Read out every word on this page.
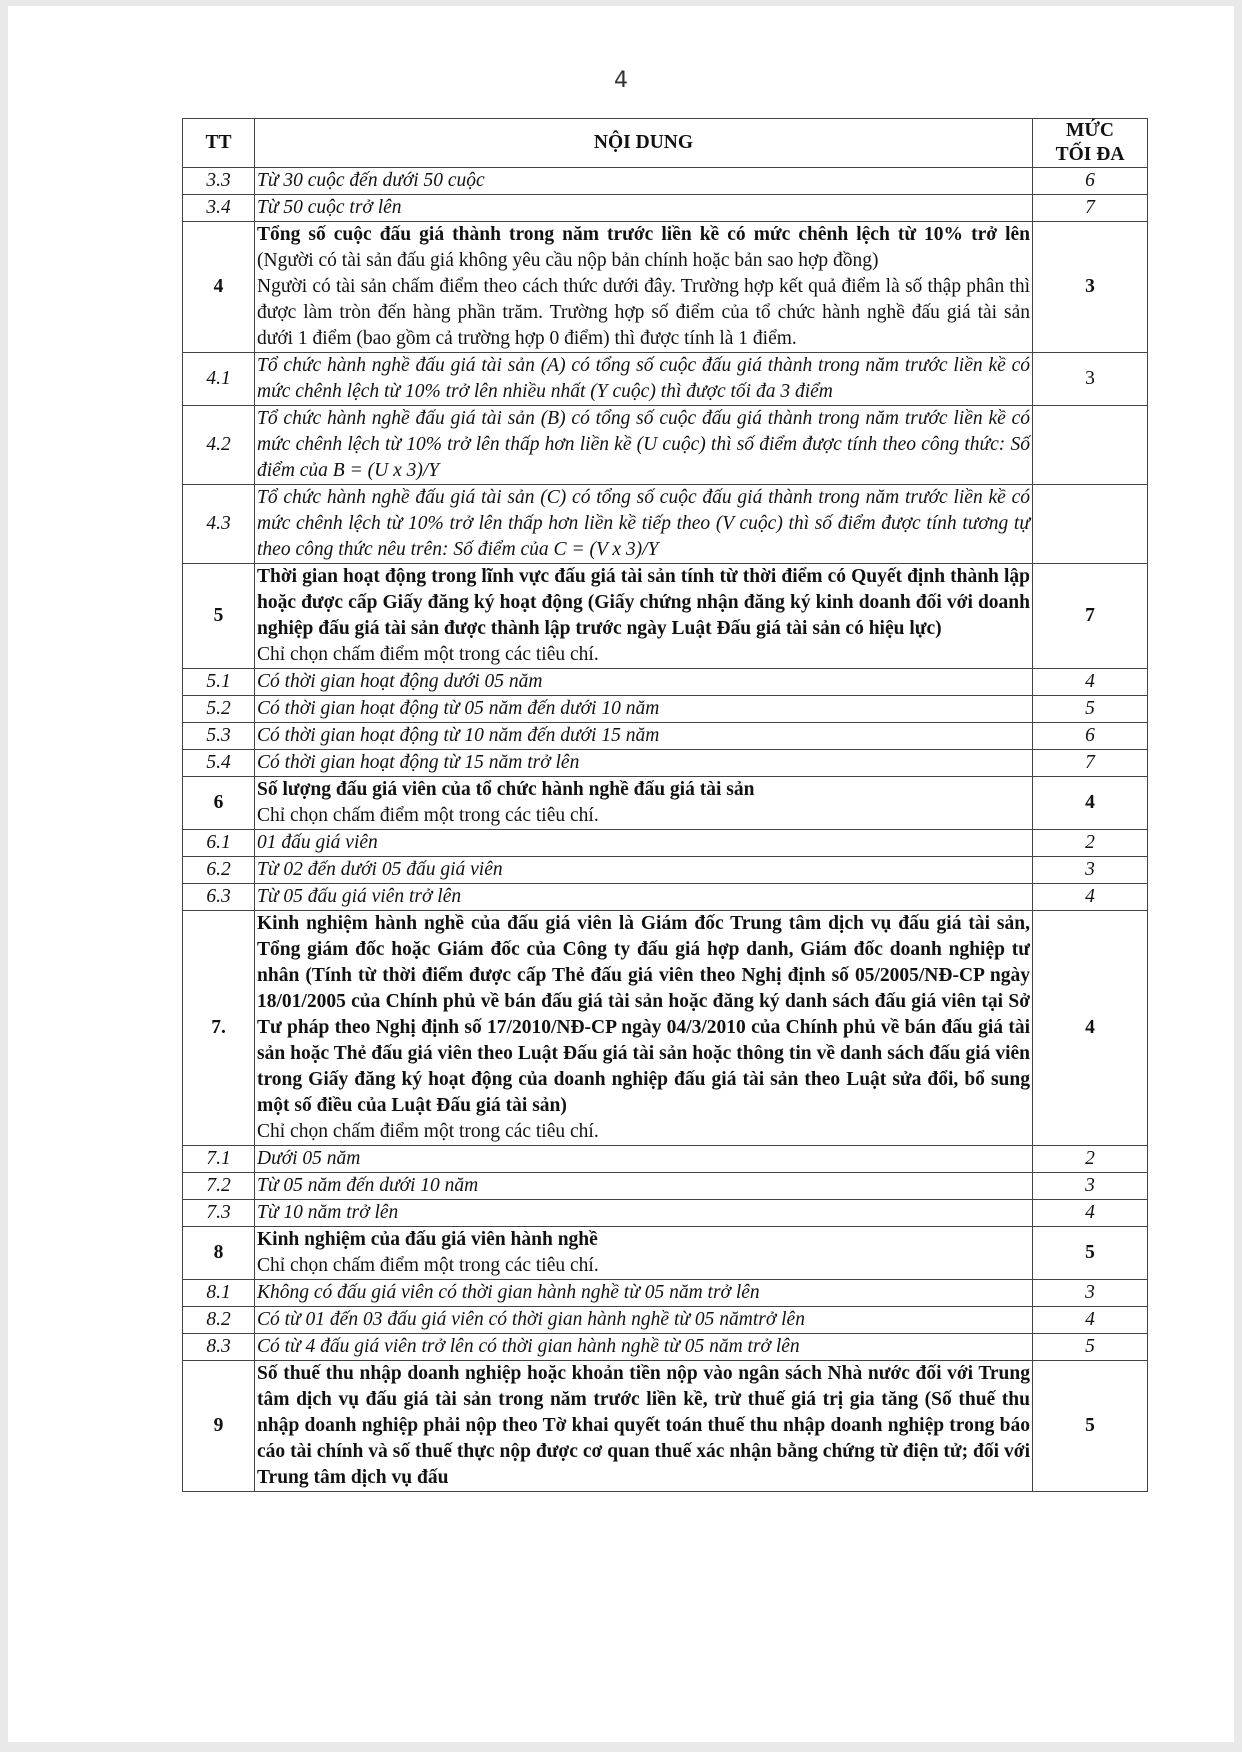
4
TT	NỘI DUNG	MỨC TỐI ĐA
3.3	Từ 30 cuộc đến dưới 50 cuộc	6
3.4	Từ 50 cuộc trở lên	7
4	Tổng số cuộc đấu giá thành trong năm trước liền kề có mức chênh lệch từ 10% trở lên (Người có tài sản đấu giá không yêu cầu nộp bản chính hoặc bản sao hợp đồng)
Người có tài sản chấm điểm theo cách thức dưới đây. Trường hợp kết quả điểm là số thập phân thì được làm tròn đến hàng phần trăm. Trường hợp số điểm của tổ chức hành nghề đấu giá tài sản dưới 1 điểm (bao gồm cả trường hợp 0 điểm) thì được tính là 1 điểm.	3
4.1	Tổ chức hành nghề đấu giá tài sản (A) có tổng số cuộc đấu giá thành trong năm trước liền kề có mức chênh lệch từ 10% trở lên nhiều nhất (Y cuộc) thì được tối đa 3 điểm	3
4.2	Tổ chức hành nghề đấu giá tài sản (B) có tổng số cuộc đấu giá thành trong năm trước liền kề có mức chênh lệch từ 10% trở lên thấp hơn liền kề (U cuộc) thì số điểm được tính theo công thức: Số điểm của B = (U x 3)/Y	
4.3	Tổ chức hành nghề đấu giá tài sản (C) có tổng số cuộc đấu giá thành trong năm trước liền kề có mức chênh lệch từ 10% trở lên thấp hơn liền kề tiếp theo (V cuộc) thì số điểm được tính tương tự theo công thức nêu trên: Số điểm của C = (V x 3)/Y	
5	Thời gian hoạt động trong lĩnh vực đấu giá tài sản tính từ thời điểm có Quyết định thành lập hoặc được cấp Giấy đăng ký hoạt động (Giấy chứng nhận đăng ký kinh doanh đối với doanh nghiệp đấu giá tài sản được thành lập trước ngày Luật Đấu giá tài sản có hiệu lực)
Chỉ chọn chấm điểm một trong các tiêu chí.	7
5.1	Có thời gian hoạt động dưới 05 năm	4
5.2	Có thời gian hoạt động từ 05 năm đến dưới 10 năm	5
5.3	Có thời gian hoạt động từ 10 năm đến dưới 15 năm	6
5.4	Có thời gian hoạt động từ 15 năm trở lên	7
6	Số lượng đấu giá viên của tổ chức hành nghề đấu giá tài sản
Chỉ chọn chấm điểm một trong các tiêu chí.	4
6.1	01 đấu giá viên	2
6.2	Từ 02 đến dưới 05 đấu giá viên	3
6.3	Từ 05 đấu giá viên trở lên	4
7.	Kinh nghiệm hành nghề của đấu giá viên là Giám đốc Trung tâm dịch vụ đấu giá tài sản, Tổng giám đốc hoặc Giám đốc của Công ty đấu giá hợp danh, Giám đốc doanh nghiệp tư nhân (Tính từ thời điểm được cấp Thẻ đấu giá viên theo Nghị định số 05/2005/NĐ-CP ngày 18/01/2005 của Chính phủ về bán đấu giá tài sản hoặc đăng ký danh sách đấu giá viên tại Sở Tư pháp theo Nghị định số 17/2010/NĐ-CP ngày 04/3/2010 của Chính phủ về bán đấu giá tài sản hoặc Thẻ đấu giá viên theo Luật Đấu giá tài sản hoặc thông tin về danh sách đấu giá viên trong Giấy đăng ký hoạt động của doanh nghiệp đấu giá tài sản theo Luật sửa đổi, bổ sung một số điều của Luật Đấu giá tài sản)
Chỉ chọn chấm điểm một trong các tiêu chí.	4
7.1	Dưới 05 năm	2
7.2	Từ 05 năm đến dưới 10 năm	3
7.3	Từ 10 năm trở lên	4
8	Kinh nghiệm của đấu giá viên hành nghề
Chỉ chọn chấm điểm một trong các tiêu chí.	5
8.1	Không có đấu giá viên có thời gian hành nghề từ 05 năm trở lên	3
8.2	Có từ 01 đến 03 đấu giá viên có thời gian hành nghề từ 05 nămtrở lên	4
8.3	Có từ 4 đấu giá viên trở lên có thời gian hành nghề từ 05 năm trở lên	5
9	Số thuế thu nhập doanh nghiệp hoặc khoản tiền nộp vào ngân sách Nhà nước đối với Trung tâm dịch vụ đấu giá tài sản trong năm trước liền kề, trừ thuế giá trị gia tăng (Số thuế thu nhập doanh nghiệp phải nộp theo Tờ khai quyết toán thuế thu nhập doanh nghiệp trong báo cáo tài chính và số thuế thực nộp được cơ quan thuế xác nhận bằng chứng từ điện tử; đối với Trung tâm dịch vụ đấu	5
